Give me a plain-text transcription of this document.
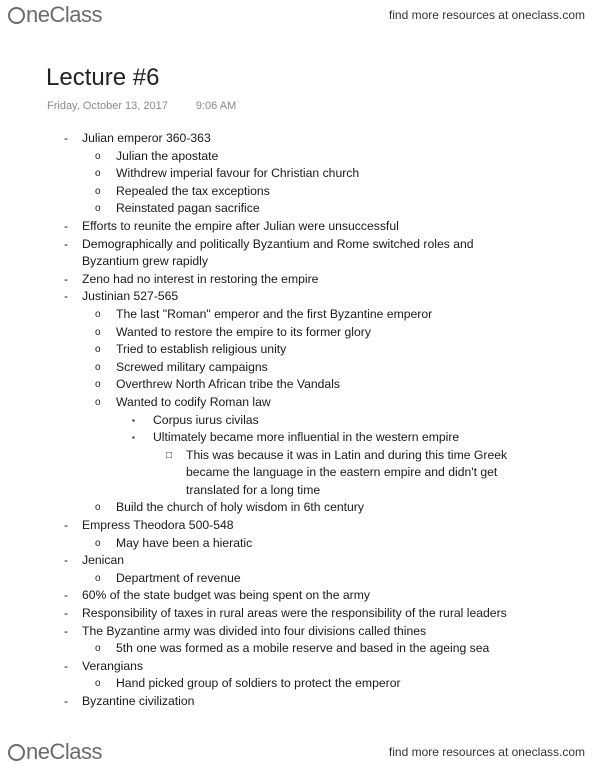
neClass	find more resources at oneclass.com
Lecture #6
Friday, October 13, 2017	9:06 AM
- Julian emperor 360-363
o Julian the apostate
o Withdrew imperial favour for Christian church
o Repealed the tax exceptions
o Reinstated pagan sacrifice
- Efforts to reunite the empire after Julian were unsuccessful
- Demographically and politically Byzantium and Rome switched roles and
Byzantium grew rapidly
- Zeno had no interest in restoring the empire
- Justinian 527-565
o The last "Roman" emperor and the first Byzantine emperor
o Wanted to restore the empire to its former glory
o Tried to establish religious unity
o Screwed military campaigns
o Overthrew North African tribe the Vandals
o Wanted to codify Roman law
▪ Corpus iurus civilas
▪ Ultimately became more influential in the western empire
□ This was because it was in Latin and during this time Greek
became the language in the eastern empire and didn't get
translated for a long time
o Build the church of holy wisdom in 6th century
- Empress Theodora 500-548
o May have been a hieratic
- Jenican
o Department of revenue
- 60% of the state budget was being spent on the army
- Responsibility of taxes in rural areas were the responsibility of the rural leaders
- The Byzantine army was divided into four divisions called thines
o 5th one was formed as a mobile reserve and based in the ageing sea
- Verangians
o Hand picked group of soldiers to protect the emperor
- Byzantine civilization
neClass	find more resources at oneclass.com
